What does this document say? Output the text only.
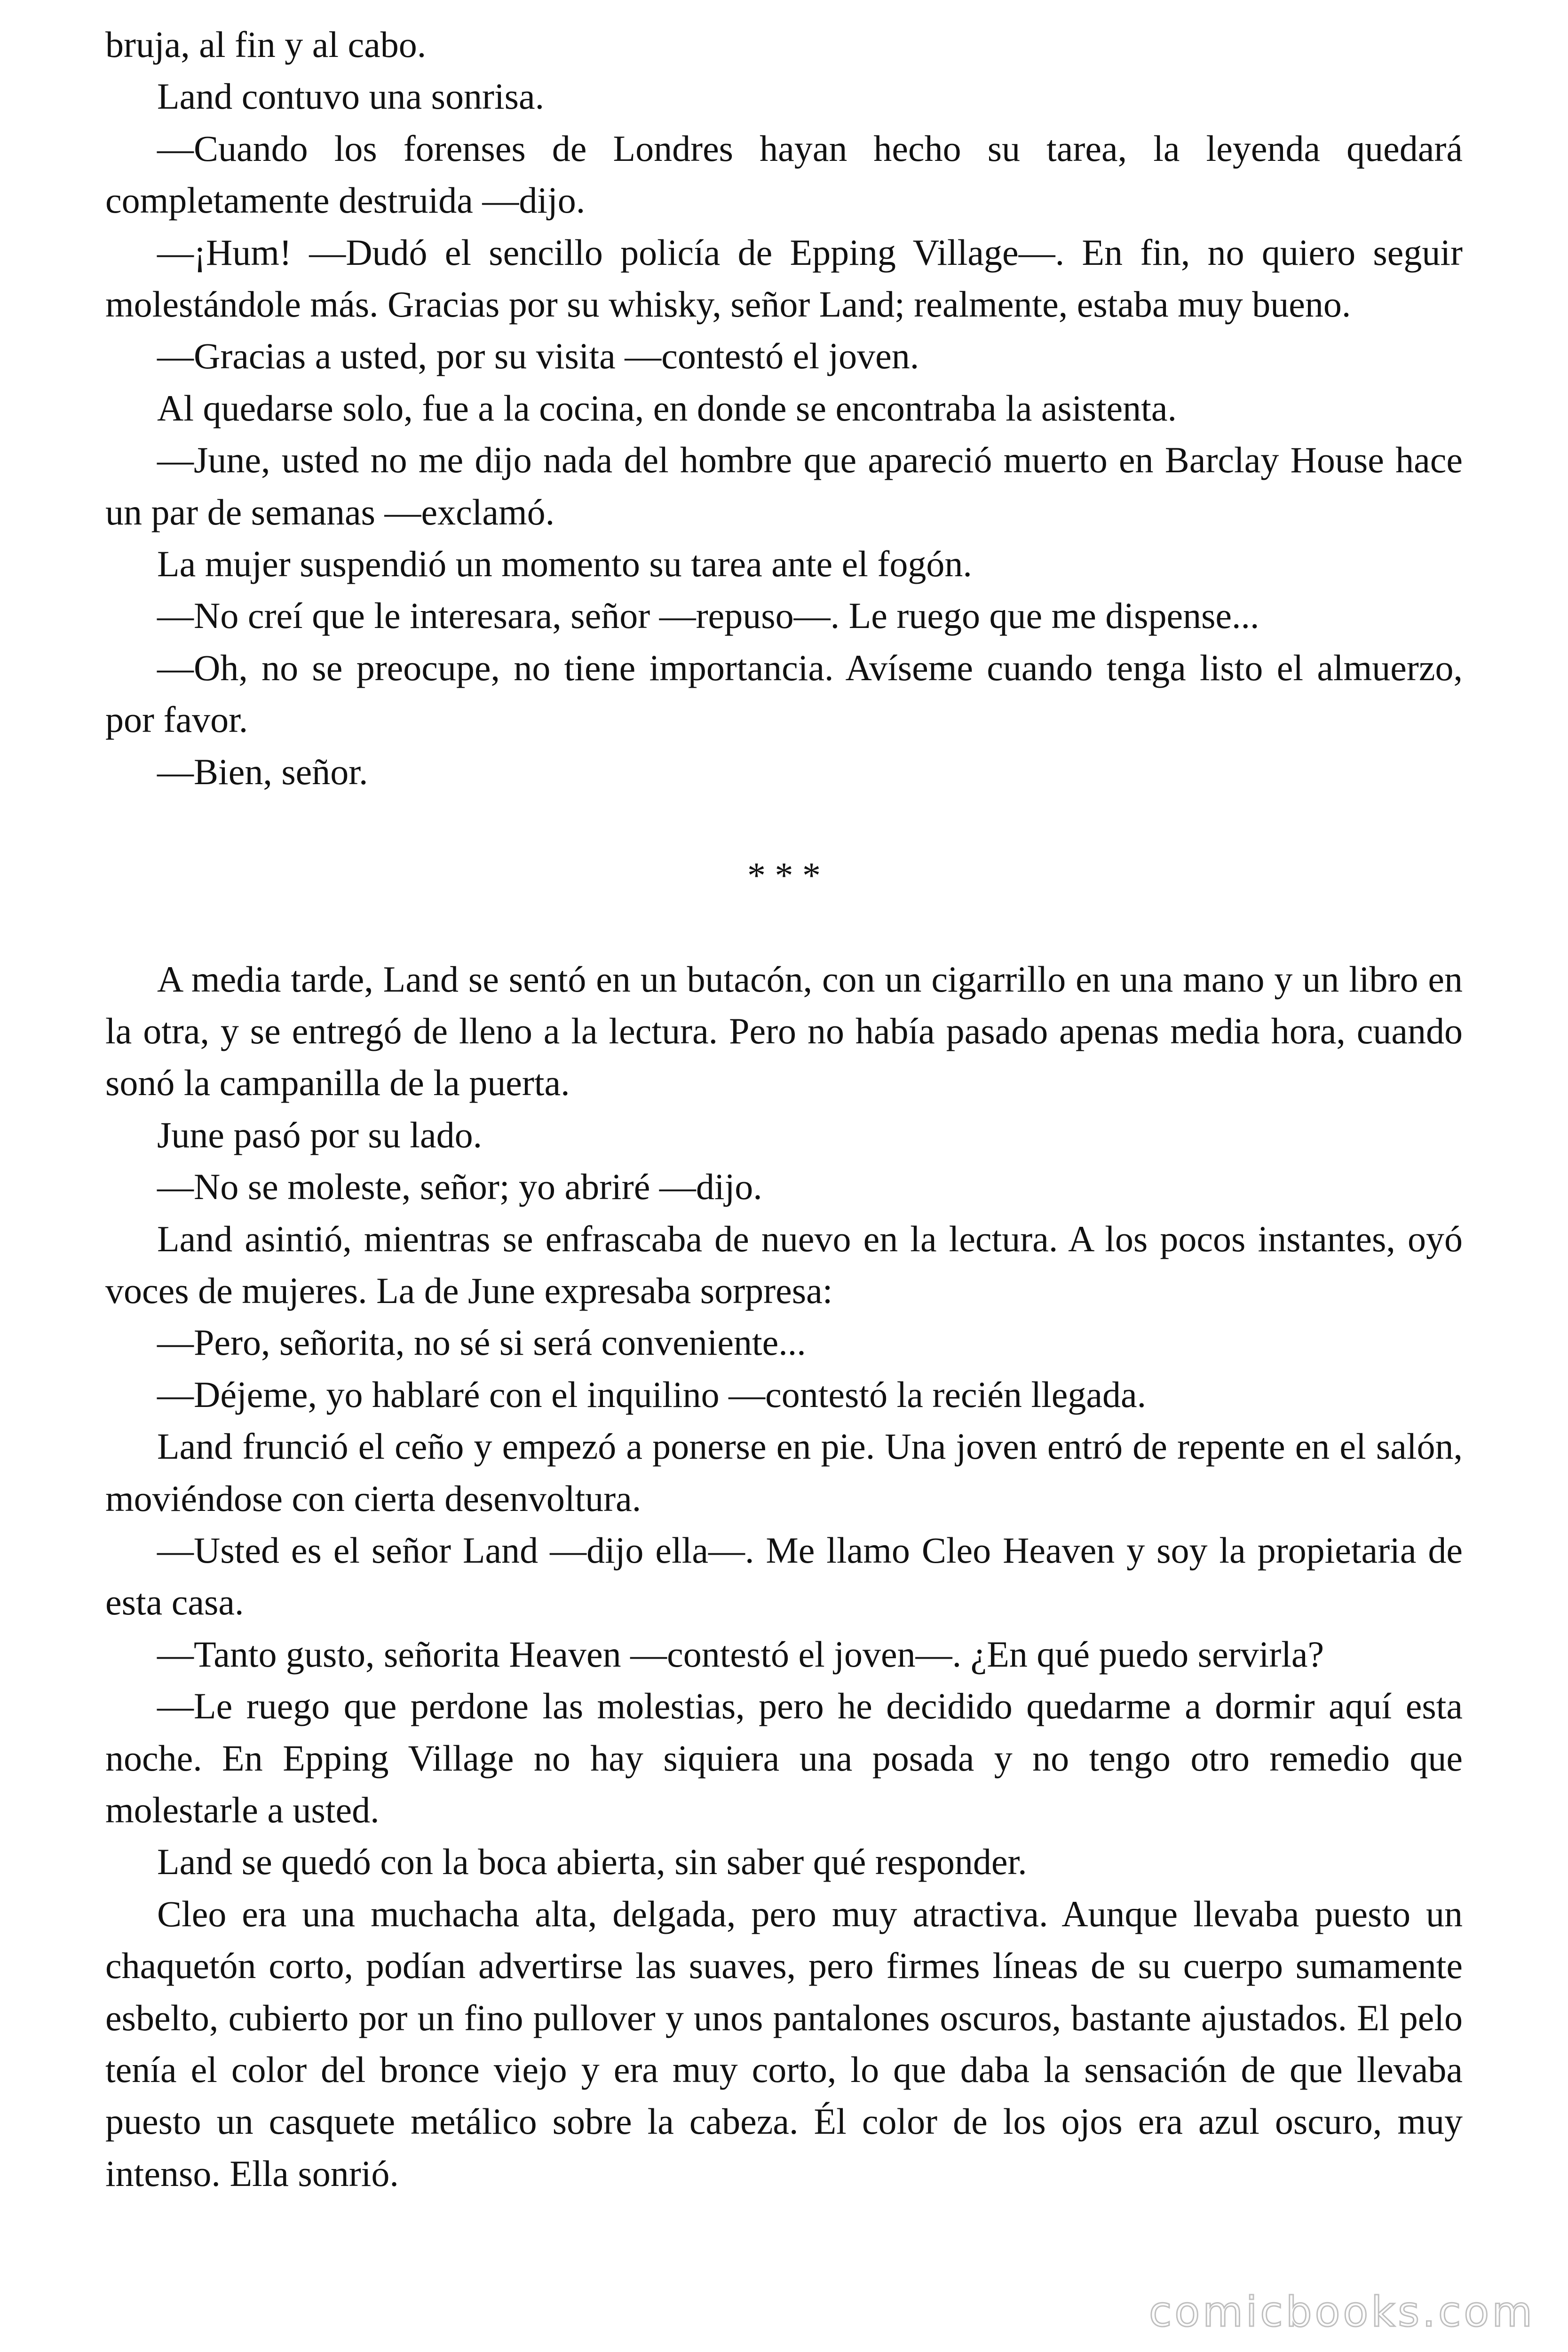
bruja, al fin y al cabo.

Land contuvo una sonrisa.

—Cuando los forenses de Londres hayan hecho su tarea, la leyenda quedará completamente destruida —dijo.

—¡Hum! —Dudó el sencillo policía de Epping Village—. En fin, no quiero seguir molestándole más. Gracias por su whisky, señor Land; realmente, estaba muy bueno.

—Gracias a usted, por su visita —contestó el joven.

Al quedarse solo, fue a la cocina, en donde se encontraba la asistenta.

—June, usted no me dijo nada del hombre que apareció muerto en Barclay House hace un par de semanas —exclamó.

La mujer suspendió un momento su tarea ante el fogón.

—No creí que le interesara, señor —repuso—. Le ruego que me dispense...

—Oh, no se preocupe, no tiene importancia. Avíseme cuando tenga listo el almuerzo, por favor.

—Bien, señor.

* * *

A media tarde, Land se sentó en un butacón, con un cigarrillo en una mano y un libro en la otra, y se entregó de lleno a la lectura. Pero no había pasado apenas media hora, cuando sonó la campanilla de la puerta.

June pasó por su lado.

—No se moleste, señor; yo abriré —dijo.

Land asintió, mientras se enfrascaba de nuevo en la lectura. A los pocos instantes, oyó voces de mujeres. La de June expresaba sorpresa:

—Pero, señorita, no sé si será conveniente...

—Déjeme, yo hablaré con el inquilino —contestó la recién llegada.

Land frunció el ceño y empezó a ponerse en pie. Una joven entró de repente en el salón, moviéndose con cierta desenvoltura.

—Usted es el señor Land —dijo ella—. Me llamo Cleo Heaven y soy la propietaria de esta casa.

—Tanto gusto, señorita Heaven —contestó el joven—. ¿En qué puedo servirla?

—Le ruego que perdone las molestias, pero he decidido quedarme a dormir aquí esta noche. En Epping Village no hay siquiera una posada y no tengo otro remedio que molestarle a usted.

Land se quedó con la boca abierta, sin saber qué responder.

Cleo era una muchacha alta, delgada, pero muy atractiva. Aunque llevaba puesto un chaquetón corto, podían advertirse las suaves, pero firmes líneas de su cuerpo sumamente esbelto, cubierto por un fino pullover y unos pantalones oscuros, bastante ajustados. El pelo tenía el color del bronce viejo y era muy corto, lo que daba la sensación de que llevaba puesto un casquete metálico sobre la cabeza. Él color de los ojos era azul oscuro, muy intenso. Ella sonrió.

comicbooks.com
